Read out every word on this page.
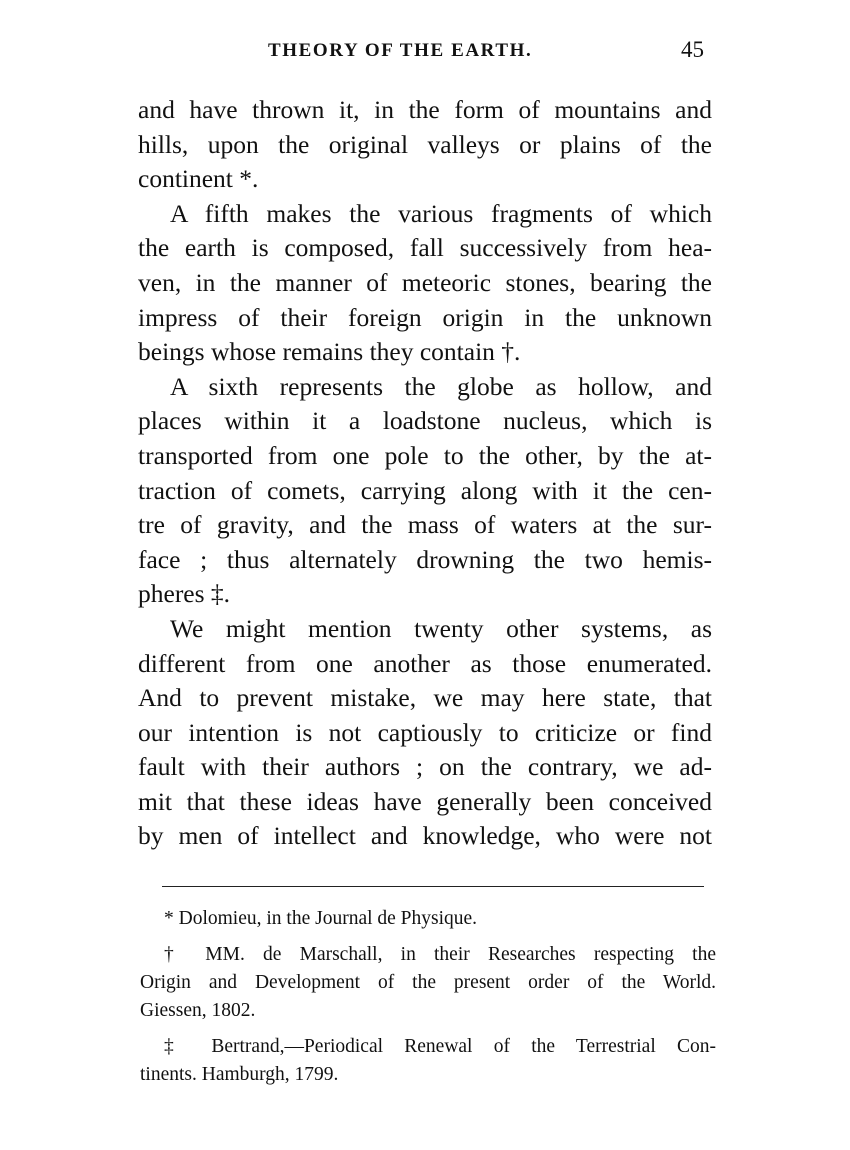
THEORY OF THE EARTH.	45
and have thrown it, in the form of mountains and
hills, upon the original valleys or plains of the
continent *.
A fifth makes the various fragments of which
the earth is composed, fall successively from hea-
ven, in the manner of meteoric stones, bearing the
impress of their foreign origin in the unknown
beings whose remains they contain †.
A sixth represents the globe as hollow, and
places within it a loadstone nucleus, which is
transported from one pole to the other, by the at-
traction of comets, carrying along with it the cen-
tre of gravity, and the mass of waters at the sur-
face ; thus alternately drowning the two hemis-
pheres ‡.
We might mention twenty other systems, as
different from one another as those enumerated.
And to prevent mistake, we may here state, that
our intention is not captiously to criticize or find
fault with their authors ; on the contrary, we ad-
mit that these ideas have generally been conceived
by men of intellect and knowledge, who were not
* Dolomieu, in the Journal de Physique.
† MM. de Marschall, in their Researches respecting the
Origin and Development of the present order of the World.
Giessen, 1802.
‡ Bertrand,—Periodical Renewal of the Terrestrial Con-
tinents. Hamburgh, 1799.
